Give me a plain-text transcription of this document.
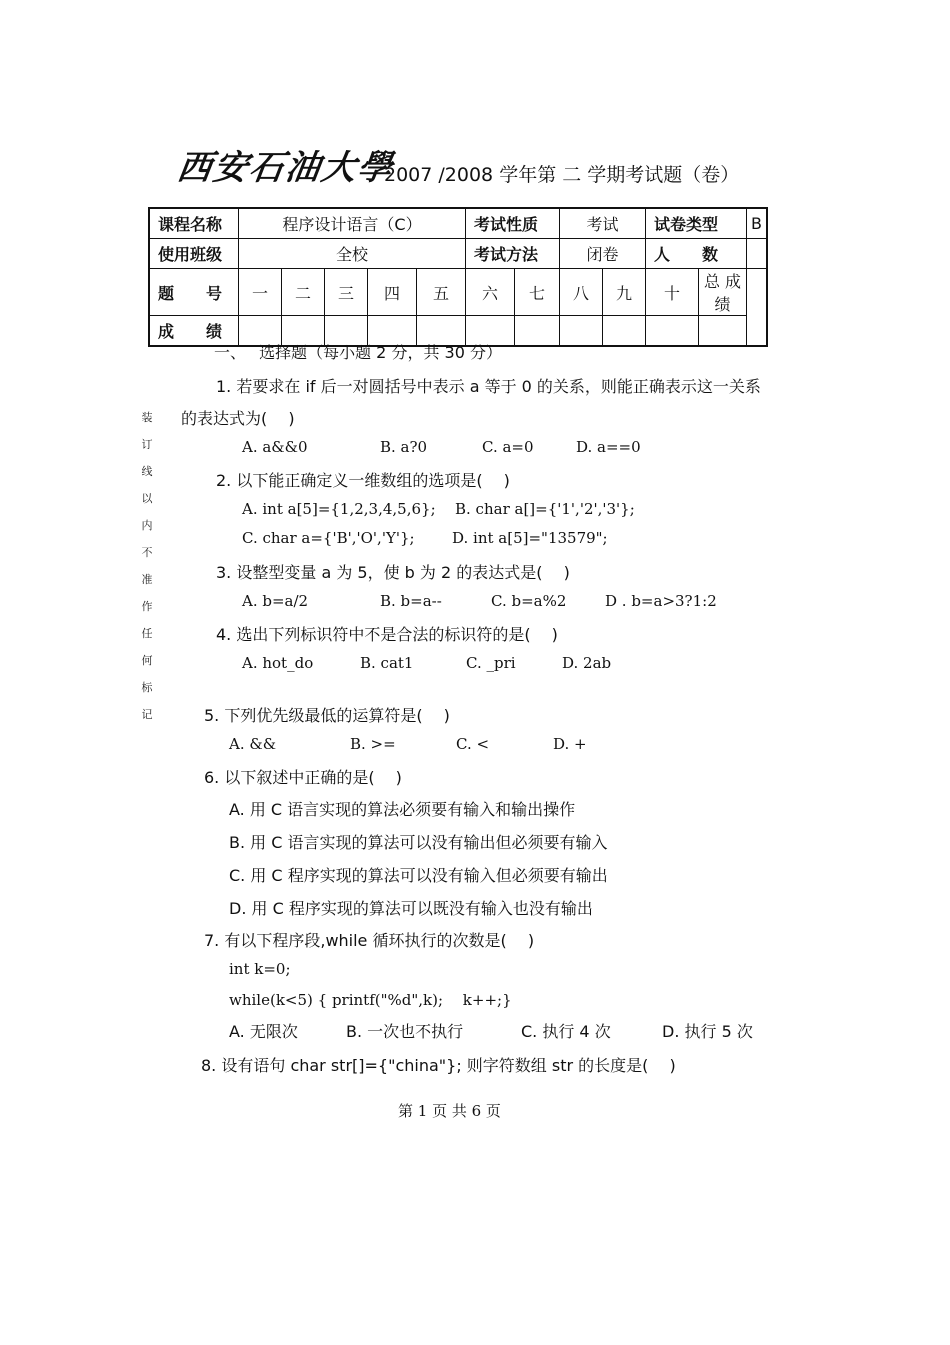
西安石油大學
2007 /2008 学年第 二 学期考试题（卷）
课程名称	程序设计语言（C）					考试性质		考试		试卷类型		B
使用班级	全校					考试方法		闭卷		人　　数		
题　　号	一	二	三	四	五	六	七	八	九	十	总 成 绩	
成　　绩												
装订线以内不准作任何标记
一、　 选择题（每小题 2 分，共 30 分）
1. 若要求在 if 后一对圆括号中表示 a 等于 0 的关系，则能正确表示这一关系
的表达式为(　 )
A. a&&0	B. a?0	C. a=0	D. a==0
2. 以下能正确定义一维数组的选项是(　 )
A. int a[5]={1,2,3,4,5,6}; B. char a[]={'1','2','3'};
C. char a={'B','O','Y'}; D. int a[5]="13579";
3. 设整型变量 a 为 5，使 b 为 2 的表达式是(　 )
A. b=a/2	B. b=a--	C. b=a%2	D . b=a>3?1:2
4. 选出下列标识符中不是合法的标识符的是(　 )
A. hot_do	B. cat1	C. _pri	D. 2ab
5. 下列优先级最低的运算符是(　 )
A. &&	B. >=	C. <	D. +
6. 以下叙述中正确的是(　 )
A. 用 C 语言实现的算法必须要有输入和输出操作
B. 用 C 语言实现的算法可以没有输出但必须要有输入
C. 用 C 程序实现的算法可以没有输入但必须要有输出
D. 用 C 程序实现的算法可以既没有输入也没有输出
7. 有以下程序段,while 循环执行的次数是(　 )
int k=0;
while(k<5) { printf("%d",k);　 k++;}
A. 无限次	B. 一次也不执行	C. 执行 4 次	D. 执行 5 次
8. 设有语句 char str[]={"china"}; 则字符数组 str 的长度是(　 )
第 1 页 共 6 页
